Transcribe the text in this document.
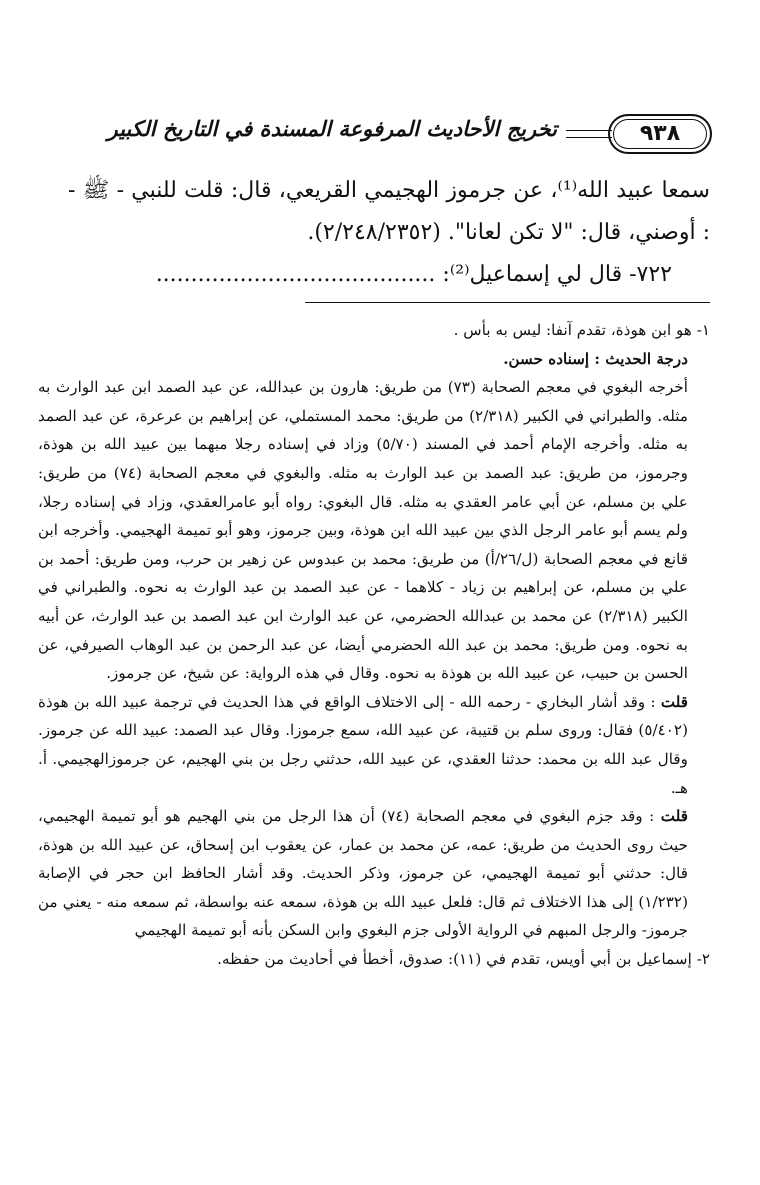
٩٣٨
تخريج الأحاديث المرفوعة المسندة في التاريخ الكبير

سمعا عبيد الله⁽¹⁾، عن جرموز الهجيمي القريعي، قال: قلت للنبي - ﷺ - : أوصني، قال: "لا تكن لعانا". (٢/٢٤٨/٢٣٥٢).

٧٢٢- قال لي إسماعيل⁽²⁾: ........................................

١- هو ابن هوذة، تقدم آنفا: ليس به بأس .

درجة الحديث : إسناده حسن.

أخرجه البغوي في معجم الصحابة (٧٣) من طريق: هارون بن عبدالله، عن عبد الصمد ابن عبد الوارث به مثله. والطبراني في الكبير (٢/٣١٨) من طريق: محمد المستملي، عن إبراهيم بن عرعرة، عن عبد الصمد به مثله. وأخرجه الإمام أحمد في المسند (٥/٧٠) وزاد في إسناده رجلا مبهما بين عبيد الله بن هوذة، وجرموز، من طريق: عبد الصمد بن عبد الوارث به مثله. والبغوي في معجم الصحابة (٧٤) من طريق: علي بن مسلم، عن أبي عامر العقدي به مثله. قال البغوي: رواه أبو عامرالعقدي، وزاد في إسناده رجلا، ولم يسم أبو عامر الرجل الذي بين عبيد الله ابن هوذة، وبين جرموز، وهو أبو تميمة الهجيمي. وأخرجه ابن قانع في معجم الصحابة (ل/٢٦/أ) من طريق: محمد بن عبدوس عن زهير بن حرب، ومن طريق: أحمد بن علي بن مسلم، عن إبراهيم بن زياد - كلاهما - عن عبد الصمد بن عبد الوارث به نحوه. والطبراني في الكبير (٢/٣١٨) عن محمد بن عبدالله الحضرمي، عن عبد الوارث ابن عبد الصمد بن عبد الوارث، عن أبيه به نحوه. ومن طريق: محمد بن عبد الله الحضرمي أيضا، عن عبد الرحمن بن عبد الوهاب الصيرفي، عن الحسن بن حبيب، عن عبيد الله بن هوذة به نحوه. وقال في هذه الرواية: عن شيخ، عن جرموز.

قلت : وقد أشار البخاري - رحمه الله - إلى الاختلاف الواقع في هذا الحديث في ترجمة عبيد الله بن هوذة (٥/٤٠٢) فقال: وروى سلم بن قتيبة، عن عبيد الله، سمع جرموزا. وقال عبد الصمد: عبيد الله عن جرموز. وقال عبد الله بن محمد: حدثنا العقدي، عن عبيد الله، حدثني رجل بن بني الهجيم، عن جرموزالهجيمي. أ. هـ.

قلت : وقد جزم البغوي في معجم الصحابة (٧٤) أن هذا الرجل من بني الهجيم هو أبو تميمة الهجيمي، حيث روى الحديث من طريق: عمه، عن محمد بن عمار، عن يعقوب ابن إسحاق، عن عبيد الله بن هوذة، قال: حدثني أبو تميمة الهجيمي، عن جرموز، وذكر الحديث. وقد أشار الحافظ ابن حجر في الإصابة (١/٢٣٢) إلى هذا الاختلاف ثم قال: فلعل عبيد الله بن هوذة، سمعه عنه بواسطة، ثم سمعه منه - يعني من جرموز- والرجل المبهم في الرواية الأولى جزم البغوي وابن السكن بأنه أبو تميمة الهجيمي

٢- إسماعيل بن أبي أويس، تقدم في (١١): صدوق، أخطأ في أحاديث من حفظه.
